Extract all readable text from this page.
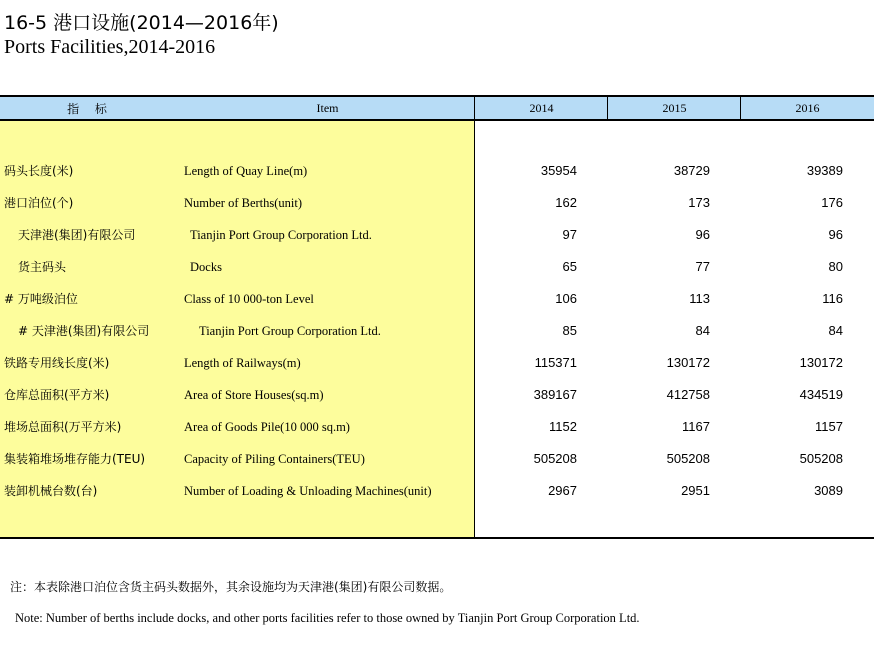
16-5 港口设施(2014—2016年)
Ports Facilities,2014-2016
指 标	Item	2014	2015	2016
码头长度(米)	Length of Quay Line(m)	35954	38729	39389
港口泊位(个)	Number of Berths(unit)	162	173	176
天津港(集团)有限公司	Tianjin Port Group Corporation Ltd.	97	96	96
货主码头	Docks	65	77	80
# 万吨级泊位	Class of 10 000-ton Level	106	113	116
# 天津港(集团)有限公司	Tianjin Port Group Corporation Ltd.	85	84	84
铁路专用线长度(米)	Length of Railways(m)	115371	130172	130172
仓库总面积(平方米)	Area of Store Houses(sq.m)	389167	412758	434519
堆场总面积(万平方米)	Area of Goods Pile(10 000 sq.m)	1152	1167	1157
集装箱堆场堆存能力(TEU)	Capacity of Piling Containers(TEU)	505208	505208	505208
装卸机械台数(台)	Number of Loading & Unloading Machines(unit)	2967	2951	3089
注：本表除港口泊位含货主码头数据外，其余设施均为天津港(集团)有限公司数据。
Note: Number of berths include docks, and other ports facilities refer to those owned by Tianjin Port Group Corporation Ltd.
